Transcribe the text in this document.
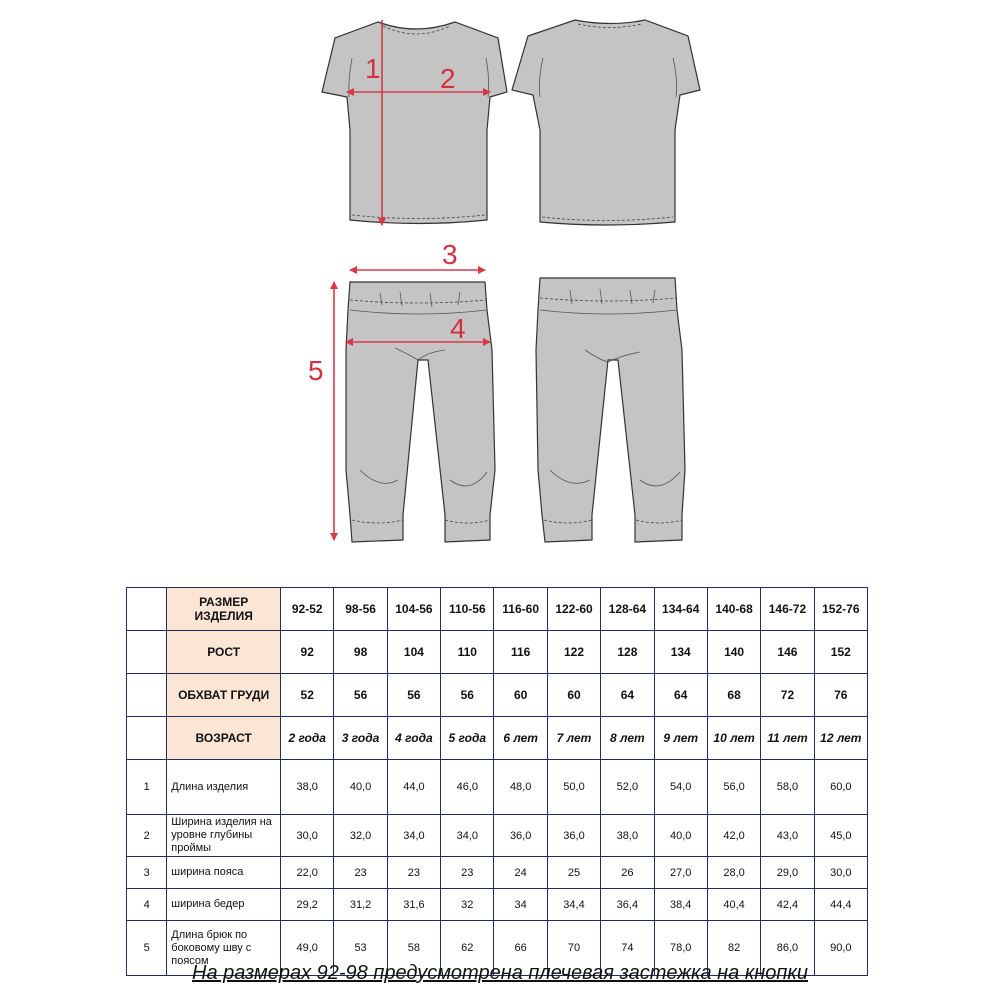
1 2
3
4
5
	РАЗМЕР ИЗДЕЛИЯ	92-52	98-56	104-56	110-56	116-60	122-60	128-64	134-64	140-68	146-72	152-76
	РОСТ	92	98	104	110	116	122	128	134	140	146	152
	ОБХВАТ ГРУДИ	52	56	56	56	60	60	64	64	68	72	76
	ВОЗРАСТ	2 года	3 года	4 года	5 года	6 лет	7 лет	8 лет	9 лет	10 лет	11 лет	12 лет
1	Длина изделия	38,0	40,0	44,0	46,0	48,0	50,0	52,0	54,0	56,0	58,0	60,0
2	Ширина изделия на уровне глубины проймы	30,0	32,0	34,0	34,0	36,0	36,0	38,0	40,0	42,0	43,0	45,0
3	ширина пояса	22,0	23	23	23	24	25	26	27,0	28,0	29,0	30,0
4	ширина бедер	29,2	31,2	31,6	32	34	34,4	36,4	38,4	40,4	42,4	44,4
5	Длина брюк по боковому шву с поясом	49,0	53	58	62	66	70	74	78,0	82	86,0	90,0
На размерах 92-98 предусмотрена плечевая застежка на кнопки
